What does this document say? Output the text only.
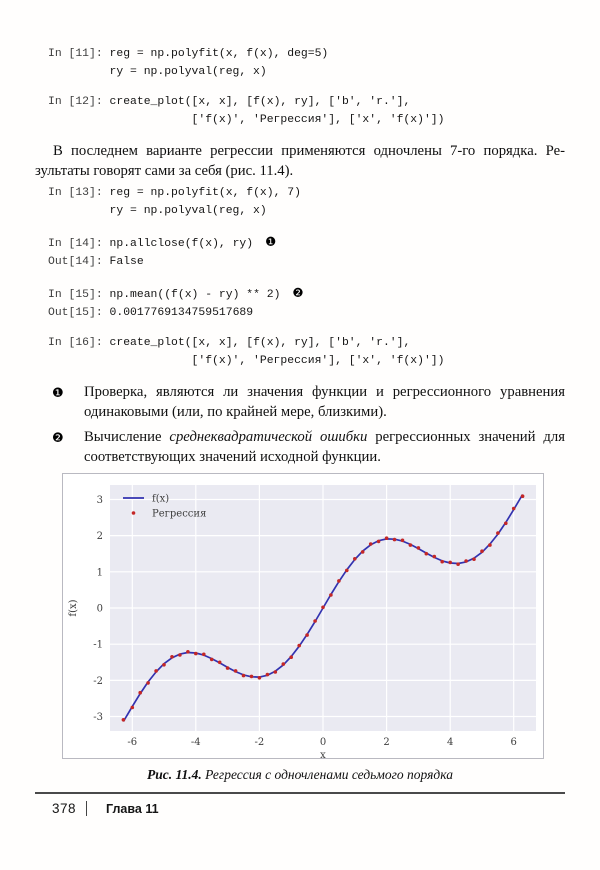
In [11]: reg = np.polyfit(x, f(x), deg=5)
ry = np.polyval(reg, x)
In [12]: create_plot([x, x], [f(x), ry], ['b', 'r.'],
['f(x)', 'Регрессия'], ['x', 'f(x)'])
В последнем варианте регрессии применяются одночлены 7-го порядка. Ре-
зультаты говорят сами за себя (рис. 11.4).
In [13]: reg = np.polyfit(x, f(x), 7)
ry = np.polyval(reg, x)
In [14]: np.allclose(f(x), ry) ❶
Out[14]: False
In [15]: np.mean((f(x) - ry) ** 2) ❷
Out[15]: 0.0017769134759517689
In [16]: create_plot([x, x], [f(x), ry], ['b', 'r.'],
['f(x)', 'Регрессия'], ['x', 'f(x)'])
❶	Проверка, являются ли значения функции и регрессионного уравнения одинаковыми (или, по крайней мере, близкими).
❷	Вычисление среднеквадратической ошибки регрессионных значений для соответствующих значений исходной функции.
-6	-4	-2	0	2	4	6
-3
-2
-1
0
1
2
3
x
f(x)
f(x)
Регрессия
Рис. 11.4. Регрессия с одночленами седьмого порядка
378 Глава 11
